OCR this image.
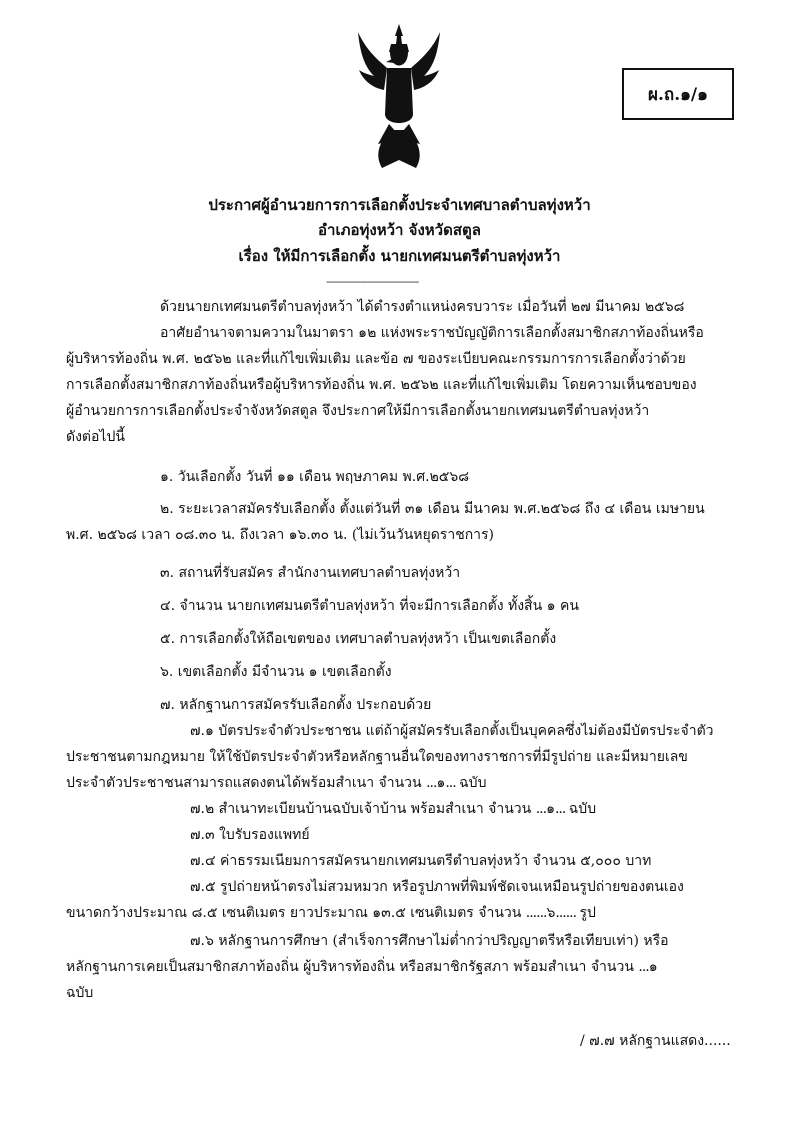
ผ.ถ.๑/๑
ประกาศผู้อำนวยการการเลือกตั้งประจำเทศบาลตำบลทุ่งหว้า
อำเภอทุ่งหว้า จังหวัดสตูล
เรื่อง ให้มีการเลือกตั้ง นายกเทศมนตรีตำบลทุ่งหว้า
----------------------------------
ด้วยนายกเทศมนตรีตำบลทุ่งหว้า ได้ดำรงตำแหน่งครบวาระ เมื่อวันที่ ๒๗ มีนาคม ๒๕๖๘
อาศัยอำนาจตามความในมาตรา ๑๒ แห่งพระราชบัญญัติการเลือกตั้งสมาชิกสภาท้องถิ่นหรือ
ผู้บริหารท้องถิ่น พ.ศ. ๒๕๖๒ และที่แก้ไขเพิ่มเติม และข้อ ๗ ของระเบียบคณะกรรมการการเลือกตั้งว่าด้วย
การเลือกตั้งสมาชิกสภาท้องถิ่นหรือผู้บริหารท้องถิ่น พ.ศ. ๒๕๖๒ และที่แก้ไขเพิ่มเติม โดยความเห็นชอบของ
ผู้อำนวยการการเลือกตั้งประจำจังหวัดสตูล จึงประกาศให้มีการเลือกตั้งนายกเทศมนตรีตำบลทุ่งหว้า
ดังต่อไปนี้
๑. วันเลือกตั้ง วันที่ ๑๑ เดือน พฤษภาคม พ.ศ.๒๕๖๘
๒. ระยะเวลาสมัครรับเลือกตั้ง ตั้งแต่วันที่ ๓๑ เดือน มีนาคม พ.ศ.๒๕๖๘ ถึง ๔ เดือน เมษายน
พ.ศ. ๒๕๖๘ เวลา ๐๘.๓๐ น. ถึงเวลา ๑๖.๓๐ น. (ไม่เว้นวันหยุดราชการ)
๓. สถานที่รับสมัคร สำนักงานเทศบาลตำบลทุ่งหว้า
๔. จำนวน นายกเทศมนตรีตำบลทุ่งหว้า ที่จะมีการเลือกตั้ง ทั้งสิ้น ๑ คน
๕. การเลือกตั้งให้ถือเขตของ เทศบาลตำบลทุ่งหว้า เป็นเขตเลือกตั้ง
๖. เขตเลือกตั้ง มีจำนวน ๑ เขตเลือกตั้ง
๗. หลักฐานการสมัครรับเลือกตั้ง ประกอบด้วย
๗.๑ บัตรประจำตัวประชาชน แต่ถ้าผู้สมัครรับเลือกตั้งเป็นบุคคลซึ่งไม่ต้องมีบัตรประจำตัว
ประชาชนตามกฎหมาย ให้ใช้บัตรประจำตัวหรือหลักฐานอื่นใดของทางราชการที่มีรูปถ่าย และมีหมายเลข
ประจำตัวประชาชนสามารถแสดงตนได้พร้อมสำเนา จำนวน ...๑... ฉบับ
๗.๒ สำเนาทะเบียนบ้านฉบับเจ้าบ้าน พร้อมสำเนา จำนวน ...๑... ฉบับ
๗.๓ ใบรับรองแพทย์
๗.๔ ค่าธรรมเนียมการสมัครนายกเทศมนตรีตำบลทุ่งหว้า จำนวน ๕,๐๐๐ บาท
๗.๕ รูปถ่ายหน้าตรงไม่สวมหมวก หรือรูปภาพที่พิมพ์ชัดเจนเหมือนรูปถ่ายของตนเอง
ขนาดกว้างประมาณ ๘.๕ เซนติเมตร ยาวประมาณ ๑๓.๕ เซนติเมตร จำนวน ......๖...... รูป
๗.๖ หลักฐานการศึกษา (สำเร็จการศึกษาไม่ต่ำกว่าปริญญาตรีหรือเทียบเท่า) หรือ
หลักฐานการเคยเป็นสมาชิกสภาท้องถิ่น ผู้บริหารท้องถิ่น หรือสมาชิกรัฐสภา พร้อมสำเนา จำนวน ...๑
ฉบับ
/ ๗.๗ หลักฐานแสดง......
